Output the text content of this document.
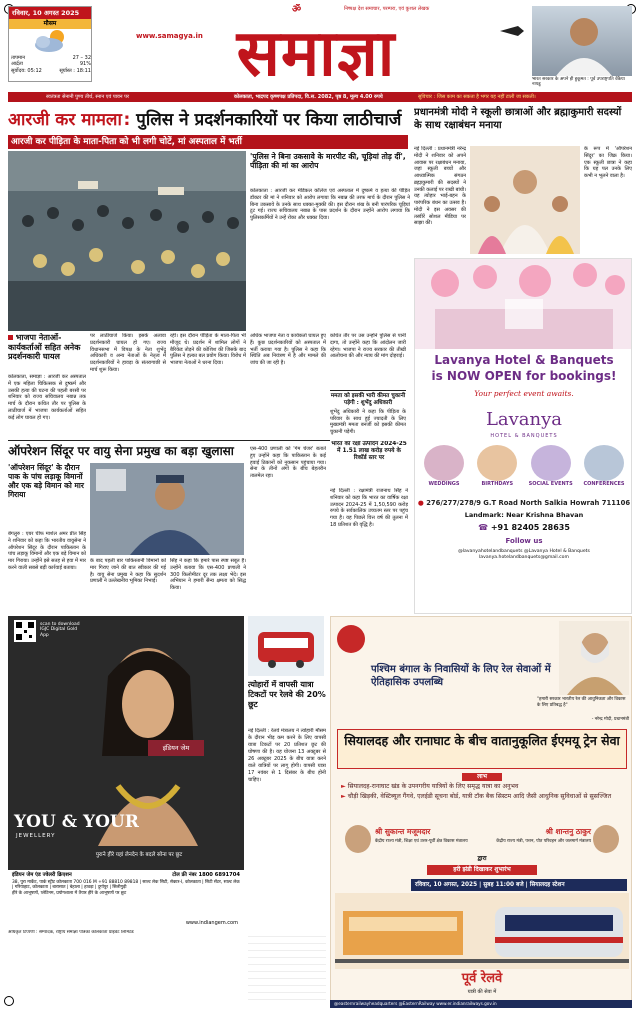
रविवार, 10 अगस्त 2025
मौसम
तापमान	27 – 32
आर्द्रता	91%
सूर्योदय: 05:12	सूर्यास्त : 18:11
ॐ	निष्पक्ष देश समाचार, परम्परा, एवं कुशल लेखक
www.samagya.in समाज्ञा	भारत सरकार के अपने ही हुकूमत : पूर्व उपराष्ट्रपति वेंकैया नायडू
स्वतंत्रता सेनानी पुण्य तीर्थ, स्नान एवं पावन पर	कोलकाता, भाद्रपद कृष्णपक्ष प्रतिपदा, वि.स. 2082, पृष्ठ 8, मूल्य 4.00 रुपये	सुविचार : जिस काम का सकता है भगर यह नहीं टाली जा सकती।
आरजी कर मामला : पुलिस ने प्रदर्शनकारियों पर किया लाठीचार्ज
आरजी कर पीड़िता के माता-पिता को भी लगी चोटें, मां अस्पताल में भर्ती
'पुलिस ने बिना उकसावे के मारपीट की, चूड़ियां तोड़ दीं', पीड़िता की मां का आरोप
कोलकाता : आरजी कर मेडिकल कॉलेज एवं अस्पताल में दुष्कर्म व हत्या की पीड़ित डॉक्टर की मां ने शनिवार को आरोप लगाया कि नबान्न की तरफ मार्च के दौरान पुलिस ने बिना उकसावे के उनके साथ धक्का-मुक्की की। इस दौरान शंख के बनी पारंपरिक चूड़ियां टूट गई। राज्य सचिवालय नबान्न के पास प्रदर्शन के दौरान उन्होंने आरोप लगाया कि पुलिसकर्मियों ने उन्हें रोका और धक्का दिया।
भाजपा नेताओं-कार्यकर्ताओं सहित अनेक प्रदर्शनकारी घायल
कोलकाता, समाज्ञा : आरजी कर अस्पताल में एक महिला चिकित्सक से दुष्कर्म और उसकी हत्या की घटना की पहली बरसी पर शनिवार को राज्य सचिवालय नबान्न तक मार्च के दौरान कथित तौर पर पुलिस के लाठीचार्ज में भाजपा कार्यकर्ताओं सहित कई लोग घायल हो गए।
पर लाठीचार्ज किया। इसके अलावा प्रदर्शनकारी घायल हो गए। राज्य विधानसभा में विपक्ष के नेता शुभेंदु अधिकारी व अन्य नेताओं के नेतृत्व में प्रदर्शनकारियों ने हावड़ा के संतरागाछी से मार्च शुरू किया।
रही। इस दौरान पीड़िता के माता-पिता भी मौजूद थे। प्रदर्शन में शामिल लोगों ने बैरिकेड तोड़ने की कोशिश की जिसके बाद पुलिस ने हल्का बल प्रयोग किया। विरोध में भाजपा नेताओं ने धरना दिया।
अधिक भाजपा नेता व कार्यकर्ता घायल हुए हैं। कुछ प्रदर्शनकारियों को अस्पताल में भर्ती कराया गया है। पुलिस ने कहा कि स्थिति अब नियंत्रण में है और मामले की जांच की जा रही है।
कथित तौर पर उस उन्होंने पुलिस से पानी दागा, तो उन्होंने कहा कि आंदोलन जारी रहेगा। भाजपा ने राज्य सरकार की तीखी आलोचना की और न्याय की मांग दोहराई।
ममता को इसकी भारी कीमत चुकानी पड़ेगी : शुभेंदु अधिकारी
शुभेंदु अधिकारी ने कहा कि पीड़िता के परिवार के साथ हुई ज्यादती के लिए मुख्यमंत्री ममता बनर्जी को इसकी कीमत चुकानी पड़ेगी।
ऑपरेशन सिंदूर पर वायु सेना प्रमुख का बड़ा खुलासा
'ऑपरेशन सिंदूर' के दौरान पाक के पांच लड़ाकू विमानों और एक बड़े विमान को मार गिराया
बेंगलुरु : एयर चीफ मार्शल अमर प्रीत सिंह ने शनिवार को कहा कि भारतीय वायुसेना ने ऑपरेशन सिंदूर के दौरान पाकिस्तान के पांच लड़ाकू विमानों और एक बड़े विमान को मार गिराया। उन्होंने इसे सतह से हवा में मार करने वाली सबसे बड़ी कार्रवाई बताया।
के बाद पहली बार पाकिस्तानी विमानों को मार गिराए जाने की बात स्वीकार की गई है। वायु सेना प्रमुख ने कहा कि सुदर्शन प्रणाली ने उल्लेखनीय भूमिका निभाई।
सिंह ने कहा कि हमारे पास स्पष्ट सबूत हैं। उन्होंने बताया कि एस-400 प्रणाली ने 300 किलोमीटर दूर तक लक्ष्य भेदे। इस अभियान ने हमारी सैन्य क्षमता को सिद्ध किया।
एस-400 प्रणाली को 'गेम चेंजर' बताते हुए उन्होंने कहा कि पाकिस्तान के कई हवाई ठिकानों को नुकसान पहुंचाया गया। सेना के तीनों अंगों के बीच बेहतरीन तालमेल रहा।
भारत का रक्षा उत्पादन 2024-25 में 1.51 लाख करोड़ रुपये के रिकॉर्ड स्तर पर
नई दिल्ली : रक्षामंत्री राजनाथ सिंह ने शनिवार को कहा कि भारत का वार्षिक रक्षा उत्पादन 2024-25 में 1,50,590 करोड़ रुपये के सर्वकालिक उच्चतम स्तर पर पहुंच गया है। यह पिछले वित्त वर्ष की तुलना में 18 प्रतिशत की वृद्धि है।
scan to download IGJC Digital Gold App
इंडियन जेम
YOU & YOUR
JEWELLERY
पुराने हीरे यहां लेनदेन के बदले सोना पर छूट
इंडियन जेम एंड ज्वेलरी क्रिएशन	टोल फ्री नंबर 1800 6891704
38, पुरा मार्केट, पार्क स्ट्रीट कोलकाता 700 016 M +91 88810 89818 | साल्ट लेक सिटी, सेक्टर-I, कोलकाता | सिटी सेंटर, साल्ट लेक | गरियाहाट, कोलकाता | बारासात | बेहाला | हावड़ा | दुर्गापुर | सिलीगुड़ी
हीरे के आभूषणों, प्लेटिनम, प्रयोगशाला में तैयार हीरे के आभूषणों पर छूट
www.indiangem.com
त्योहारों में वापसी यात्रा टिकटों पर रेलवे की 20% छूट
नई दिल्ली : रेलवे मंत्रालय ने त्योहारी मौसम के दौरान भीड़ कम करने के लिए वापसी यात्रा टिकटों पर 20 प्रतिशत छूट की घोषणा की है। यह योजना 13 अक्टूबर से 26 अक्टूबर 2025 के बीच यात्रा करने वाले यात्रियों पर लागू होगी। वापसी यात्रा 17 नवंबर से 1 दिसंबर के बीच होनी चाहिए।
प्रधानमंत्री मोदी ने स्कूली छात्राओं और ब्रह्माकुमारी सदस्यों के साथ रक्षाबंधन मनाया
नई दिल्ली : प्रधानमंत्री नरेन्द्र मोदी ने शनिवार को अपने आवास पर रक्षाबंधन मनाया, जहां स्कूली बच्चों और आध्यात्मिक संगठन ब्रह्माकुमारी की सदस्यों ने उनकी कलाई पर राखी बांधी। यह त्योहार भाई-बहन के पारंपरिक बंधन का उत्सव है। मोदी ने इस अवसर की तस्वीरें सोशल मीडिया पर साझा कीं।
के रूप में 'ऑपरेशन सिंदूर' का जिक्र किया। एक स्कूली छात्रा ने कहा कि यह पल उनके लिए कभी न भूलने वाला है।
Lavanya Hotel & Banquets
is NOW OPEN for bookings!
Your perfect event awaits.
Lavanya
HOTEL & BANQUETS
WEDDINGS	BIRTHDAYS	SOCIAL EVENTS	CONFERENCES
● 276/277/278/9 G.T Road North Salkia Howrah 711106
Landmark: Near Krishna Bhavan
☎ +91 82405 28635
Follow us
@lavanyahotelandbanquets @Lavanya Hotel & Banquets lavanya.hotelandbanquets@gmail.com
पश्चिम बंगाल के निवासियों के लिए रेल सेवाओं में ऐतिहासिक उपलब्धि
"हमारी सरकार भारतीय रेल की आधुनिकता और विकास के लिए प्रतिबद्ध है"
- नरेन्द्र मोदी, प्रधानमंत्री
सियालदह और रानाघाट के बीच वातानुकूलित ईएमयू ट्रेन सेवा
लाभ
► सियालदह-रानाघाट खंड के उपनगरीय यात्रियों के लिए समृद्ध यात्रा का अनुभव
► चौड़ी खिड़की, वेस्टिब्यूल गैंगवे, एलईडी सूचना बोर्ड, यात्री टॉक बैक सिस्टम आदि जैसी आधुनिक सुविधाओं से सुसज्जित
श्री सुकान्त मजूमदार
केंद्रीय राज्य मंत्री, शिक्षा एवं उत्तर-पूर्वी क्षेत्र विकास मंत्रालय
श्री शान्तनु ठाकुर
केंद्रीय राज्य मंत्री, पत्तन, पोत परिवहन और जलमार्ग मंत्रालय
द्वारा
हरी झंडी दिखाकर शुभारंभ
रविवार, 10 अगस्त, 2025 | सुबह 11:00 बजे | सियालदह स्टेशन
पूर्व रेलवे
यात्री की सेवा में
अधिकृत टिप्पणी : सम्पादक, राष्ट्रीय समाज्ञा पत्रिका कोलकाता प्राइवेट लिमिटेड
@easternrailwayheadquarters @EasternRailway www.er.indianrailways.gov.in
